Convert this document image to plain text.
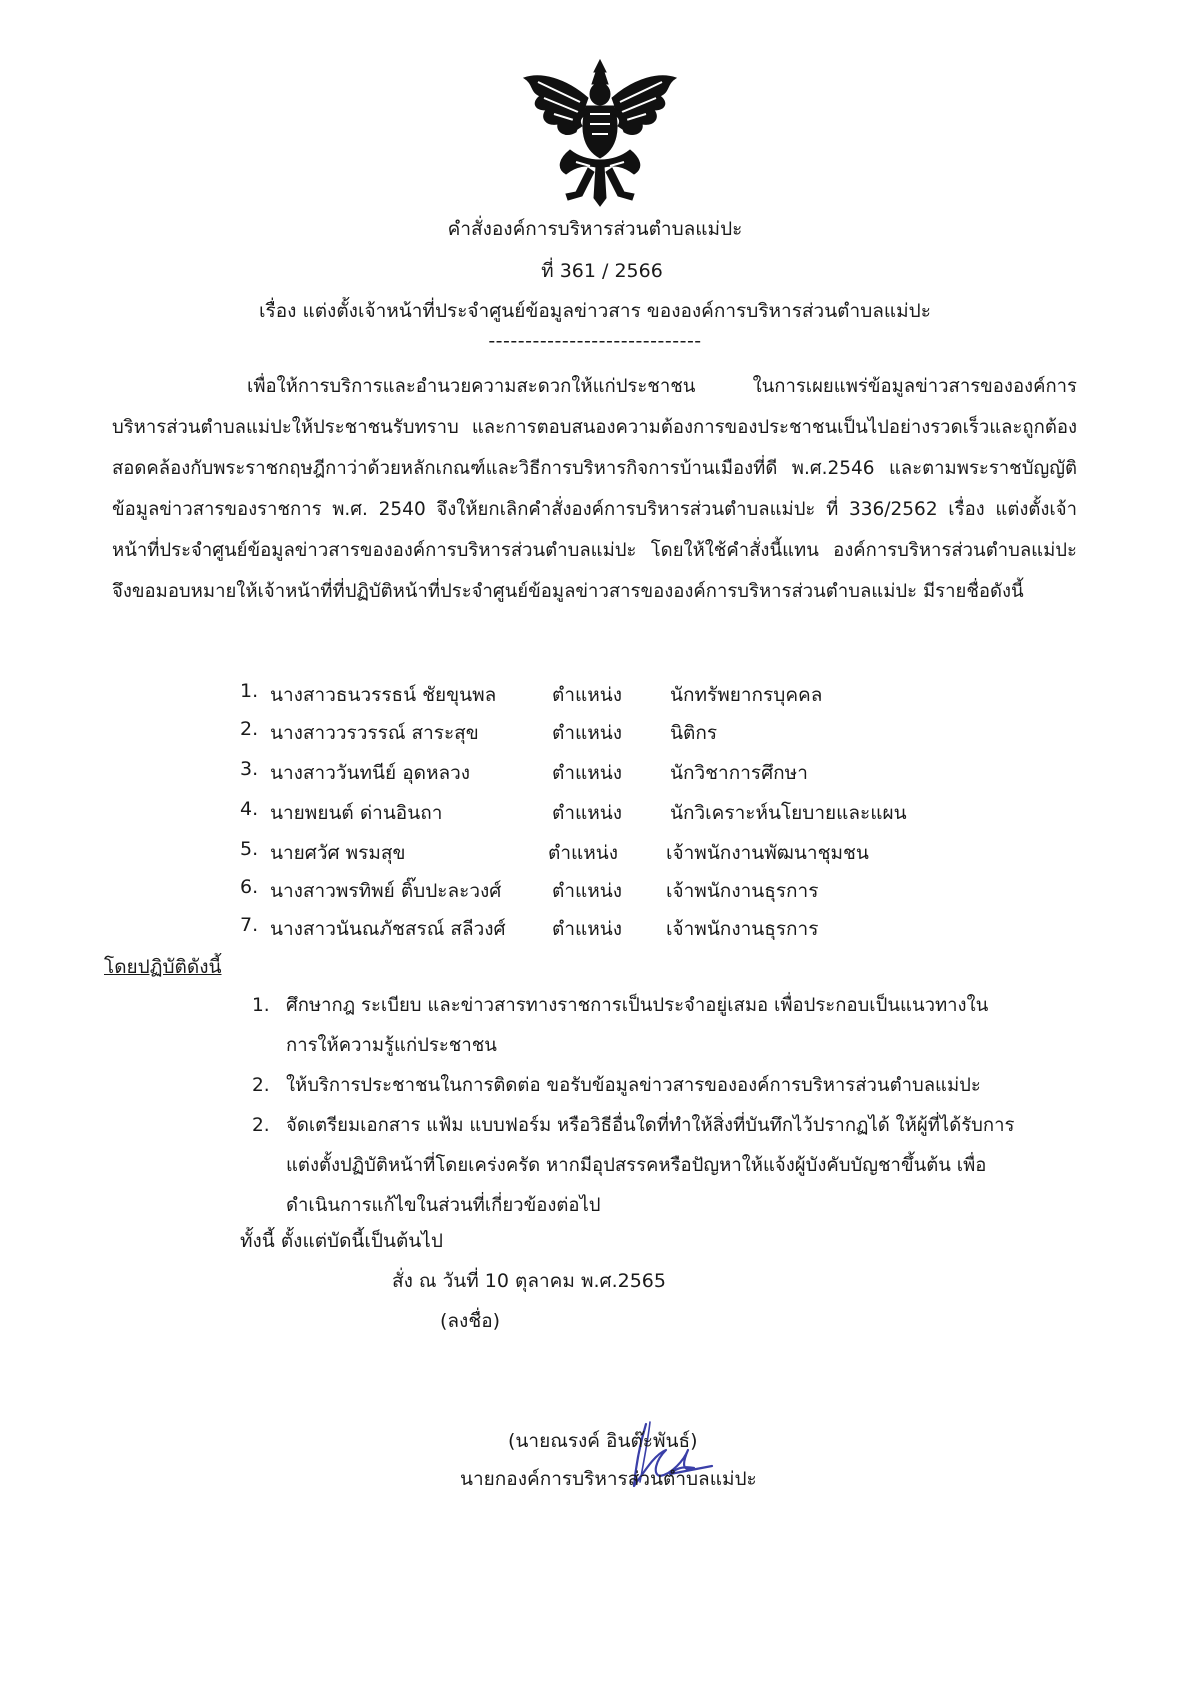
คำสั่งองค์การบริหารส่วนตำบลแม่ปะ
ที่ 361 / 2566
เรื่อง แต่งตั้งเจ้าหน้าที่ประจำศูนย์ข้อมูลข่าวสาร ขององค์การบริหารส่วนตำบลแม่ปะ
-----------------------------
เพื่อให้การบริการและอำนวยความสะดวกให้แก่ประชาชน ในการเผยแพร่ข้อมูลข่าวสารขององค์การบริหารส่วนตำบลแม่ปะให้ประชาชนรับทราบ และการตอบสนองความต้องการของประชาชนเป็นไปอย่างรวดเร็วและถูกต้อง สอดคล้องกับพระราชกฤษฎีกาว่าด้วยหลักเกณฑ์และวิธีการบริหารกิจการบ้านเมืองที่ดี พ.ศ.2546 และตามพระราชบัญญัติข้อมูลข่าวสารของราชการ พ.ศ. 2540 จึงให้ยกเลิกคำสั่งองค์การบริหารส่วนตำบลแม่ปะ ที่ 336/2562 เรื่อง แต่งตั้งเจ้าหน้าที่ประจำศูนย์ข้อมูลข่าวสารขององค์การบริหารส่วนตำบลแม่ปะ โดยให้ใช้คำสั่งนี้แทน องค์การบริหารส่วนตำบลแม่ปะ จึงขอมอบหมายให้เจ้าหน้าที่ที่ปฏิบัติหน้าที่ประจำศูนย์ข้อมูลข่าวสารขององค์การบริหารส่วนตำบลแม่ปะ มีรายชื่อดังนี้
1. นางสาวธนวรรธน์ ชัยขุนพล	ตำแหน่ง	นักทรัพยากรบุคคล
2. นางสาววรวรรณ์ สาระสุข	ตำแหน่ง	นิติกร
3. นางสาววันทนีย์ อุดหลวง	ตำแหน่ง	นักวิชาการศึกษา
4. นายพยนต์ ด่านอินถา	ตำแหน่ง	นักวิเคราะห์นโยบายและแผน
5. นายศวัศ พรมสุข	ตำแหน่ง	เจ้าพนักงานพัฒนาชุมชน
6. นางสาวพรทิพย์ ติ๊บปะละวงศ์	ตำแหน่ง เจ้าพนักงานธุรการ
7. นางสาวนันณภัชสรณ์ สลีวงศ์ ตำแหน่ง เจ้าพนักงานธุรการ
โดยปฏิบัติดังนี้
1. ศึกษากฎ ระเบียบ และข่าวสารทางราชการเป็นประจำอยู่เสมอ เพื่อประกอบเป็นแนวทางใน
การให้ความรู้แก่ประชาชน
2. ให้บริการประชาชนในการติดต่อ ขอรับข้อมูลข่าวสารขององค์การบริหารส่วนตำบลแม่ปะ
2. จัดเตรียมเอกสาร แฟ้ม แบบฟอร์ม หรือวิธีอื่นใดที่ทำให้สิ่งที่บันทึกไว้ปรากฏได้ ให้ผู้ที่ได้รับการ
แต่งตั้งปฏิบัติหน้าที่โดยเคร่งครัด หากมีอุปสรรคหรือปัญหาให้แจ้งผู้บังคับบัญชาขึ้นต้น เพื่อ
ดำเนินการแก้ไขในส่วนที่เกี่ยวข้องต่อไป
ทั้งนี้ ตั้งแต่บัดนี้เป็นต้นไป
สั่ง ณ วันที่ 10 ตุลาคม พ.ศ.2565
(ลงชื่อ)
(นายณรงค์ อินต๊ะพันธ์)
นายกองค์การบริหารส่วนตำบลแม่ปะ
